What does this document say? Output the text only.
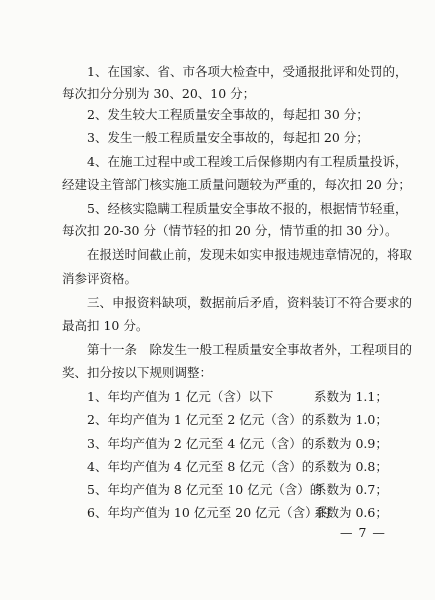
1、在国家、省、市各项大检查中，受通报批评和处罚的，
每次扣分分别为 30、20、10 分；
2、发生较大工程质量安全事故的，每起扣 30 分；
3、发生一般工程质量安全事故的，每起扣 20 分；
4、在施工过程中或工程竣工后保修期内有工程质量投诉，
经建设主管部门核实施工质量问题较为严重的，每次扣 20 分；
5、经核实隐瞒工程质量安全事故不报的，根据情节轻重，
每次扣 20-30 分（情节轻的扣 20 分，情节重的扣 30 分）。
在报送时间截止前，发现未如实申报违规违章情况的，将取
消参评资格。
三、申报资料缺项，数据前后矛盾，资料装订不符合要求的
最高扣 10 分。
第十一条　除发生一般工程质量安全事故者外，工程项目的
奖、扣分按以下规则调整：
1、年均产值为 1 亿元（含）以下	系数为 1.1；
2、年均产值为 1 亿元至 2 亿元（含）的 系数为 1.0；
3、年均产值为 2 亿元至 4 亿元（含）的 系数为 0.9；
4、年均产值为 4 亿元至 8 亿元（含）的 系数为 0.8；
5、年均产值为 8 亿元至 10 亿元（含）的
系数为 0.7；
6、年均产值为 10 亿元至 20 亿元（含）的
系数为 0.6；
— 7 —
